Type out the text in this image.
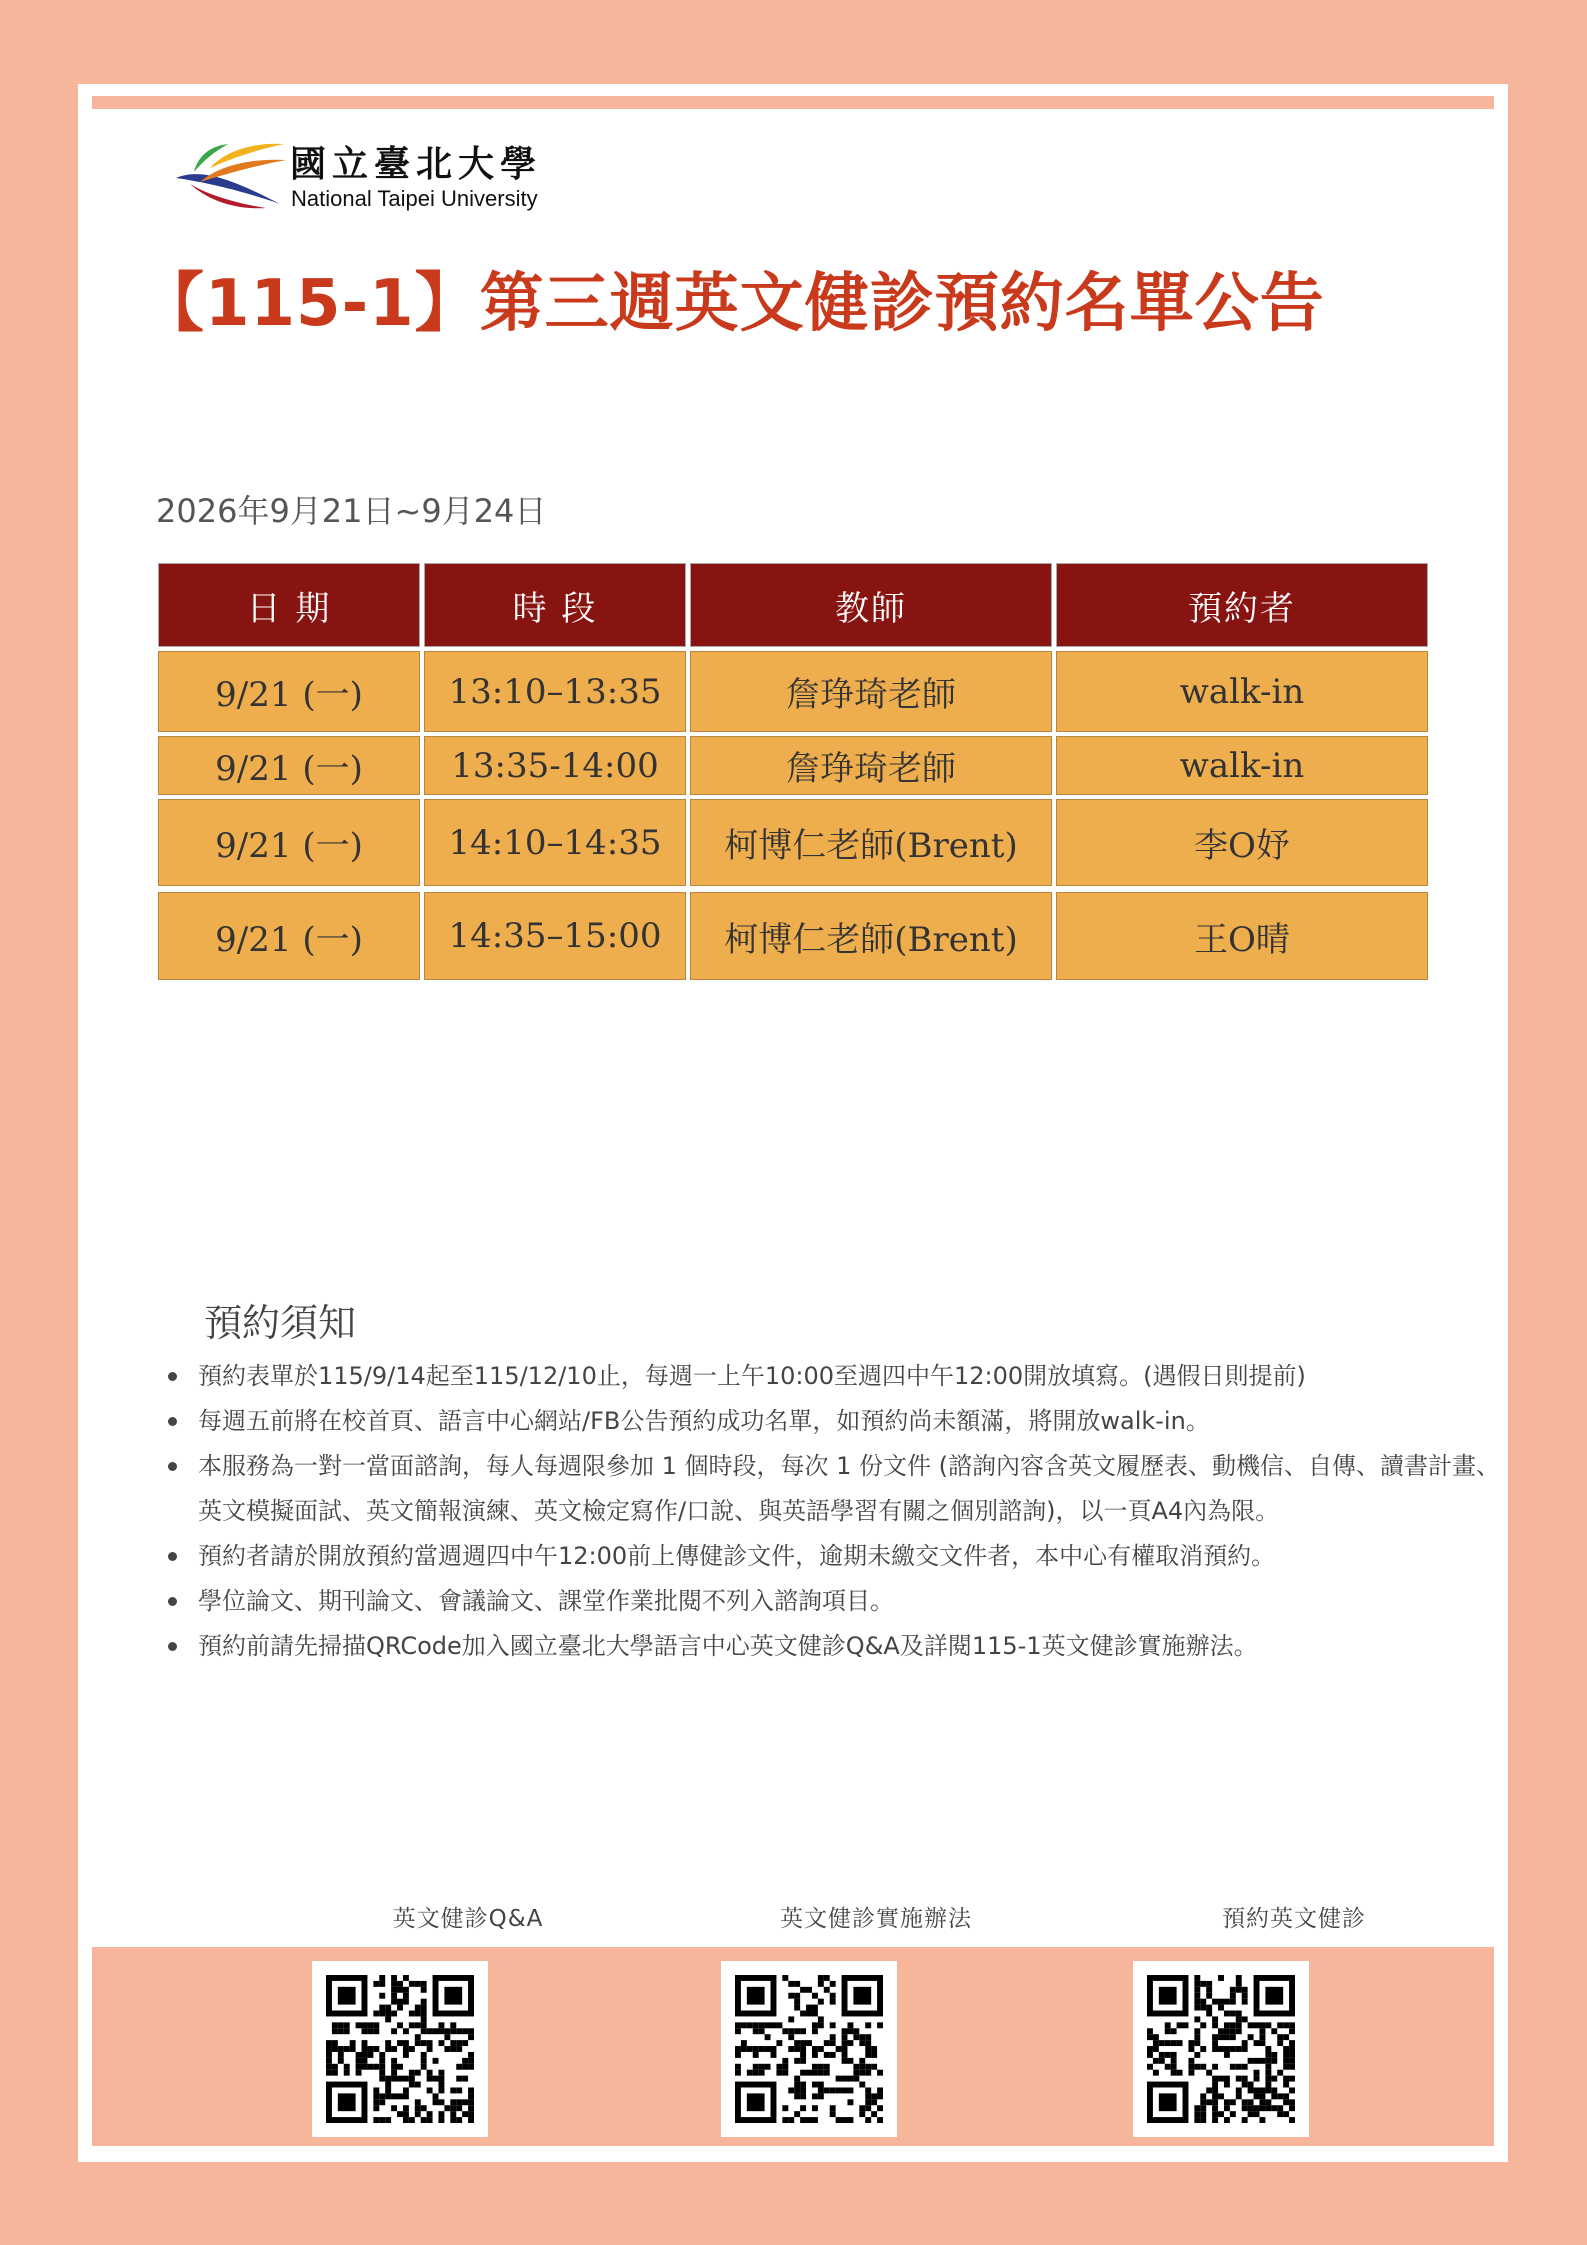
國立臺北大學
National Taipei University
【115-1】第三週英文健診預約名單公告
2026年9月21日~9月24日
日 期	時 段	教師	預約者
9/21 (一)	13:10–13:35	詹琤琦老師	walk-in
9/21 (一)	13:35-14:00	詹琤琦老師	walk-in
9/21 (一)	14:10–14:35	柯博仁老師(Brent)	李O妤
9/21 (一)	14:35–15:00	柯博仁老師(Brent)	王O晴
預約須知
預約表單於115/9/14起至115/12/10止，每週一上午10:00至週四中午12:00開放填寫。(遇假日則提前)
每週五前將在校首頁、語言中心網站/FB公告預約成功名單，如預約尚未額滿，將開放walk-in。
本服務為一對一當面諮詢，每人每週限參加 1 個時段，每次 1 份文件 (諮詢內容含英文履歷表、動機信、自傳、讀書計畫、英文模擬面試、英文簡報演練、英文檢定寫作/口說、與英語學習有關之個別諮詢)，以一頁A4內為限。
預約者請於開放預約當週週四中午12:00前上傳健診文件，逾期未繳交文件者，本中心有權取消預約。
學位論文、期刊論文、會議論文、課堂作業批閱不列入諮詢項目。
預約前請先掃描QRCode加入國立臺北大學語言中心英文健診Q&A及詳閱115-1英文健診實施辦法。
英文健診Q&A	英文健診實施辦法	預約英文健診
